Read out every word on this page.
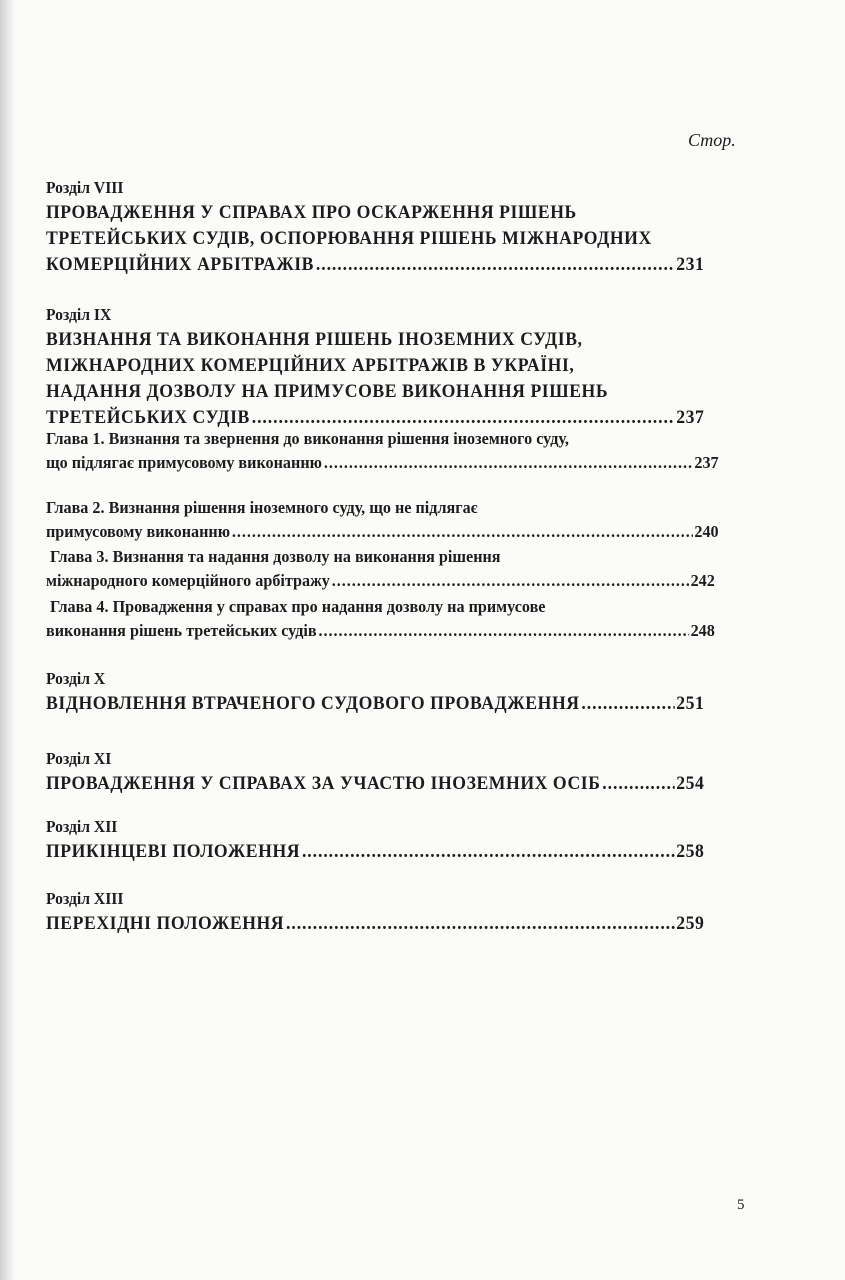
Стор.
Розділ VIII
ПРОВАДЖЕННЯ У СПРАВАХ ПРО ОСКАРЖЕННЯ РІШЕНЬ
ТРЕТЕЙСЬКИХ СУДІВ, ОСПОРЮВАННЯ РІШЕНЬ МІЖНАРОДНИХ
КОМЕРЦІЙНИХ АРБІТРАЖІВ .....	231
Розділ IX
ВИЗНАННЯ ТА ВИКОНАННЯ РІШЕНЬ ІНОЗЕМНИХ СУДІВ,
МІЖНАРОДНИХ КОМЕРЦІЙНИХ АРБІТРАЖІВ В УКРАЇНІ,
НАДАННЯ ДОЗВОЛУ НА ПРИМУСОВЕ ВИКОНАННЯ РІШЕНЬ
ТРЕТЕЙСЬКИХ СУДІВ .....	237
Глава 1. Визнання та звернення до виконання рішення іноземного суду,
що підлягає примусовому виконанню .....	237
Глава 2. Визнання рішення іноземного суду, що не підлягає
примусовому виконанню .....	240
Глава 3. Визнання та надання дозволу на виконання рішення
міжнародного комерційного арбітражу .....	242
Глава 4. Провадження у справах про надання дозволу на примусове
виконання рішень третейських судів .....	248
Розділ X
ВІДНОВЛЕННЯ ВТРАЧЕНОГО СУДОВОГО ПРОВАДЖЕННЯ .....	251
Розділ XI
ПРОВАДЖЕННЯ У СПРАВАХ ЗА УЧАСТЮ ІНОЗЕМНИХ ОСІБ .....	254
Розділ XII
ПРИКІНЦЕВІ ПОЛОЖЕННЯ .....	258
Розділ XIII
ПЕРЕХІДНІ ПОЛОЖЕННЯ .....	259
5
